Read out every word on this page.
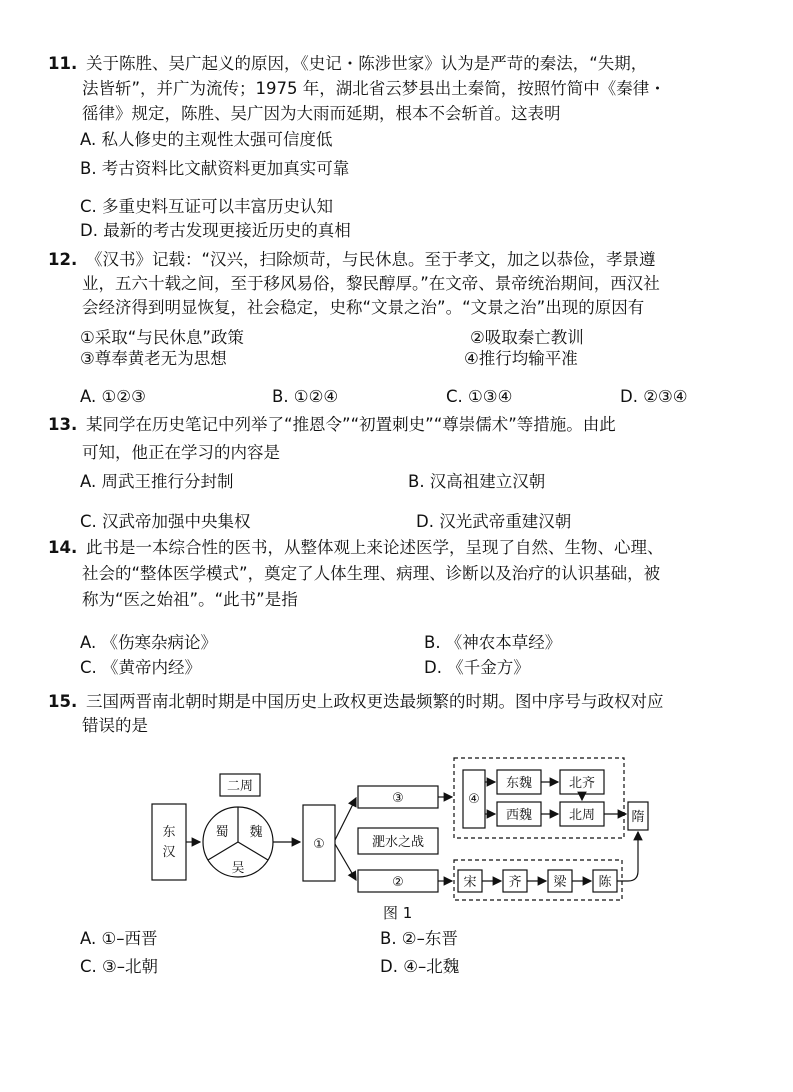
11. 关于陈胜、吴广起义的原因，《史记・陈涉世家》认为是严苛的秦法，“失期，
法皆斩”，并广为流传；1975 年，湖北省云梦县出土秦简，按照竹简中《秦律・
徭律》规定，陈胜、吴广因为大雨而延期，根本不会斩首。这表明
A. 私人修史的主观性太强可信度低
B. 考古资料比文献资料更加真实可靠
C. 多重史料互证可以丰富历史认知
D. 最新的考古发现更接近历史的真相
12. 《汉书》记载：“汉兴，扫除烦苛，与民休息。至于孝文，加之以恭俭，孝景遵
业，五六十载之间，至于移风易俗，黎民醇厚。”在文帝、景帝统治期间，西汉社
会经济得到明显恢复，社会稳定，史称“文景之治”。“文景之治”出现的原因有
①采取“与民休息”政策	②吸取秦亡教训
③尊奉黄老无为思想	④推行均输平准
A. ①②③	B. ①②④	C. ①③④	D. ②③④
13. 某同学在历史笔记中列举了“推恩令”“初置刺史”“尊崇儒术”等措施。由此
可知，他正在学习的内容是
A. 周武王推行分封制	B. 汉高祖建立汉朝
C. 汉武帝加强中央集权	D. 汉光武帝重建汉朝
14. 此书是一本综合性的医书，从整体观上来论述医学，呈现了自然、生物、心理、
社会的“整体医学模式”，奠定了人体生理、病理、诊断以及治疗的认识基础，被
称为“医之始祖”。“此书”是指
A. 《伤寒杂病论》	B. 《神农本草经》
C. 《黄帝内经》	D. 《千金方》
15. 三国两晋南北朝时期是中国历史上政权更迭最频繁的时期。图中序号与政权对应
错误的是
东
汉
蜀 魏
吴
二周
①
③
淝水之战
②
④
东魏
西魏
北齐
北周	隋
宋 齐 梁 陈
图 1
A. ①–西晋	B. ②–东晋
C. ③–北朝	D. ④–北魏
